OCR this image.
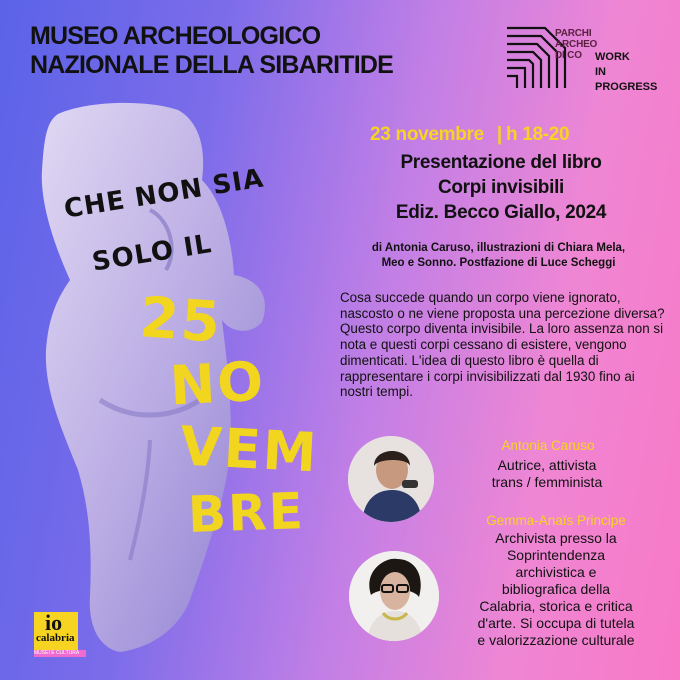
MUSEO ARCHEOLOGICO
NAZIONALE DELLA SIBARITIDE
PARCHI
ARCHEO
DI CO	WORK
IN
PROGRESS
CHE NON SIA
SOLO IL
25
NO
VEM
BRE
23 novembre | h 18-20
Presentazione del libro
Corpi invisibili
Ediz. Becco Giallo, 2024
di Antonia Caruso, illustrazioni di Chiara Mela,
Meo e Sonno. Postfazione di Luce Scheggi
Cosa succede quando un corpo viene ignorato, nascosto o ne viene proposta una percezione diversa? Questo corpo diventa invisibile. La loro assenza non si nota e questi corpi cessano di esistere, vengono dimenticati. L'idea di questo libro è quella di rappresentare i corpi invisibilizzati dal 1930 fino ai nostri tempi.
Antonia Caruso
Autrice, attivista
trans / femminista
Gemma-Anaïs Principe
Archivista presso la
Soprintendenza
archivistica e
bibliografica della
Calabria, storica e critica
d'arte. Si occupa di tutela
e valorizzazione culturale
io
calabria
MUSEI E CULTURA
